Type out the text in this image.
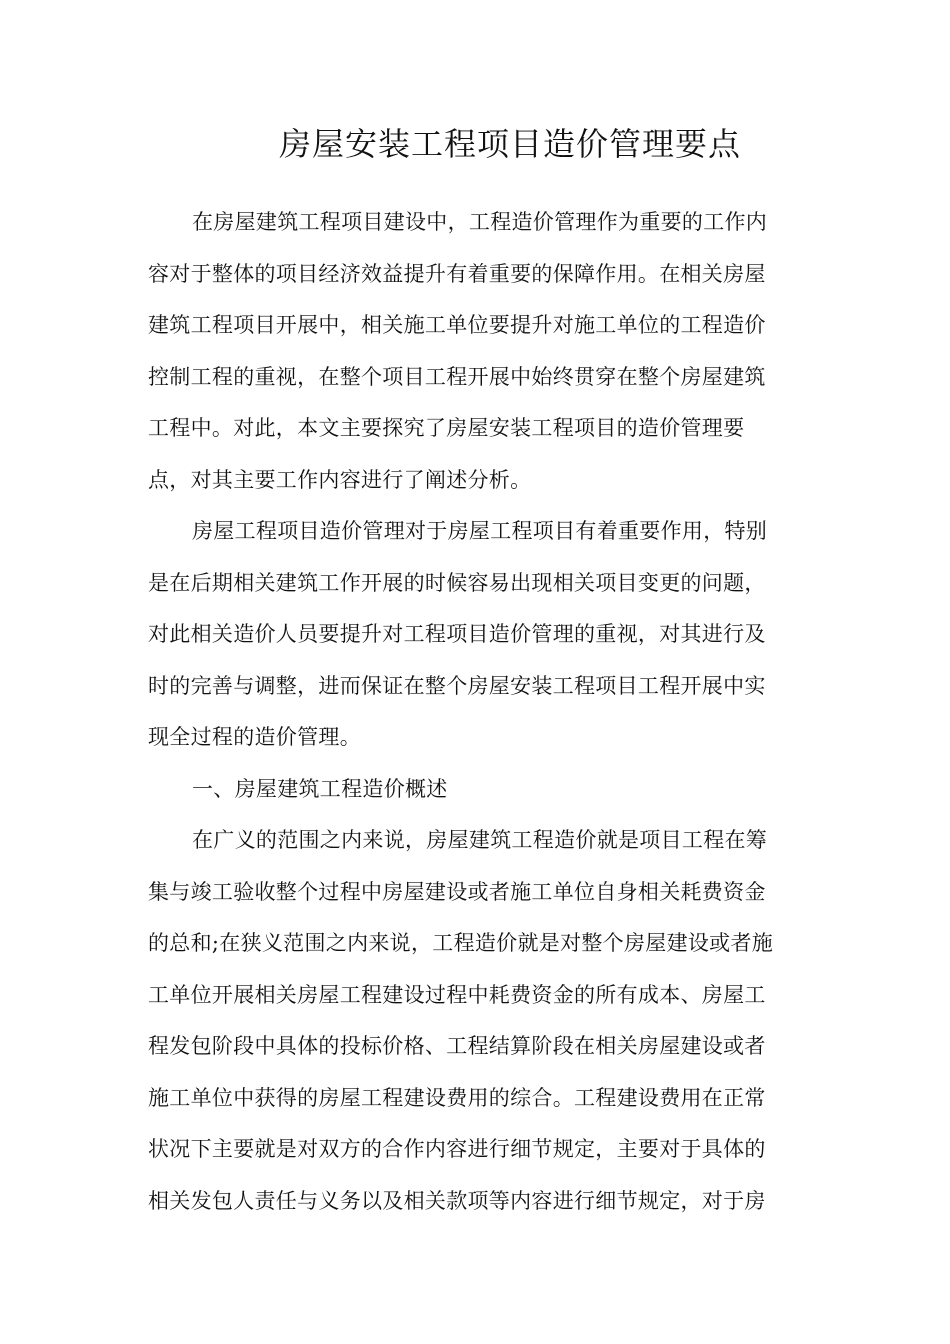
房屋安装工程项目造价管理要点

在房屋建筑工程项目建设中，工程造价管理作为重要的工作内
容对于整体的项目经济效益提升有着重要的保障作用。在相关房屋
建筑工程项目开展中，相关施工单位要提升对施工单位的工程造价
控制工程的重视，在整个项目工程开展中始终贯穿在整个房屋建筑
工程中。对此，本文主要探究了房屋安装工程项目的造价管理要
点，对其主要工作内容进行了阐述分析。

房屋工程项目造价管理对于房屋工程项目有着重要作用，特别
是在后期相关建筑工作开展的时候容易出现相关项目变更的问题，
对此相关造价人员要提升对工程项目造价管理的重视，对其进行及
时的完善与调整，进而保证在整个房屋安装工程项目工程开展中实
现全过程的造价管理。

一、房屋建筑工程造价概述

在广义的范围之内来说，房屋建筑工程造价就是项目工程在筹
集与竣工验收整个过程中房屋建设或者施工单位自身相关耗费资金
的总和;在狭义范围之内来说，工程造价就是对整个房屋建设或者施
工单位开展相关房屋工程建设过程中耗费资金的所有成本、房屋工
程发包阶段中具体的投标价格、工程结算阶段在相关房屋建设或者
施工单位中获得的房屋工程建设费用的综合。工程建设费用在正常
状况下主要就是对双方的合作内容进行细节规定，主要对于具体的
相关发包人责任与义务以及相关款项等内容进行细节规定，对于房
